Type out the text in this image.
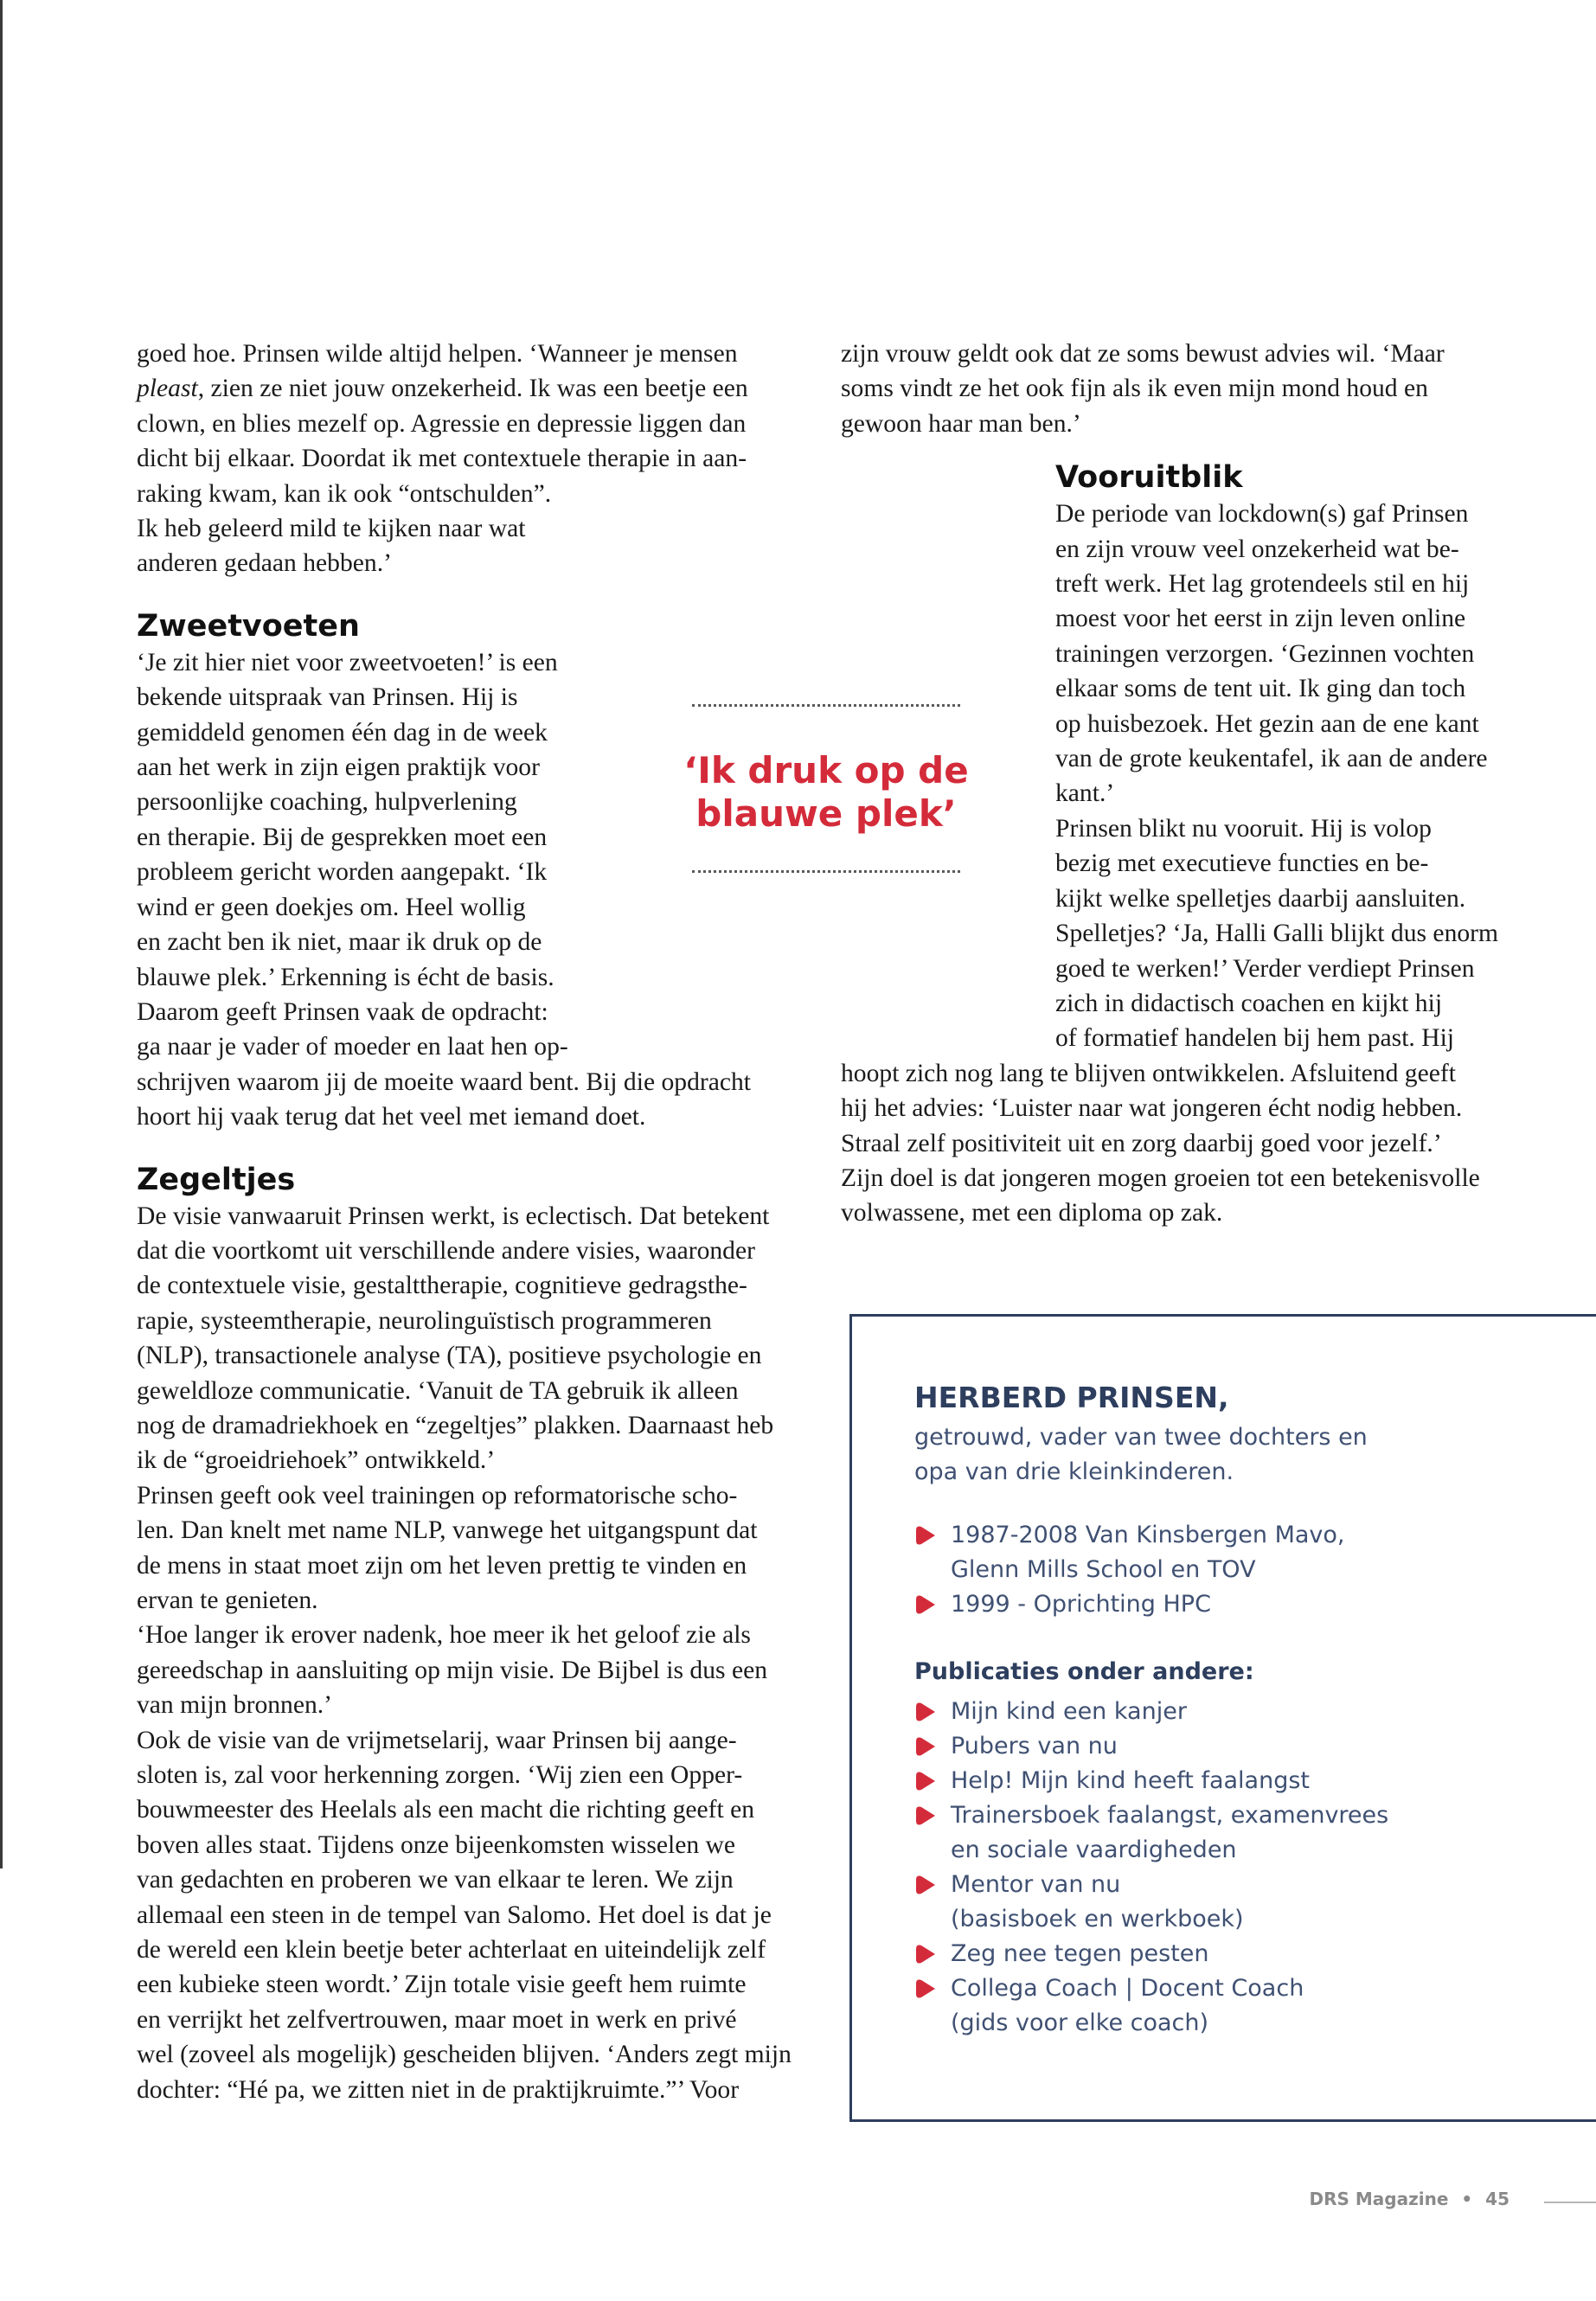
goed hoe. Prinsen wilde altijd helpen. ‘Wanneer je mensen
pleast, zien ze niet jouw onzekerheid. Ik was een beetje een
clown, en blies mezelf op. Agressie en depressie liggen dan
dicht bij elkaar. Doordat ik met contextuele therapie in aan-
raking kwam, kan ik ook “ontschulden”.
Ik heb geleerd mild te kijken naar wat
anderen gedaan hebben.’
Zweetvoeten
‘Je zit hier niet voor zweetvoeten!’ is een
bekende uitspraak van Prinsen. Hij is
gemiddeld genomen één dag in de week
aan het werk in zijn eigen praktijk voor
persoonlijke coaching, hulpverlening
en therapie. Bij de gesprekken moet een
probleem gericht worden aangepakt. ‘Ik
wind er geen doekjes om. Heel wollig
en zacht ben ik niet, maar ik druk op de
blauwe plek.’ Erkenning is écht de basis.
Daarom geeft Prinsen vaak de opdracht:
ga naar je vader of moeder en laat hen op-
schrijven waarom jij de moeite waard bent. Bij die opdracht
hoort hij vaak terug dat het veel met iemand doet.
Zegeltjes
De visie vanwaaruit Prinsen werkt, is eclectisch. Dat betekent
dat die voortkomt uit verschillende andere visies, waaronder
de contextuele visie, gestalttherapie, cognitieve gedragsthe-
rapie, systeemtherapie, neurolinguïstisch programmeren
(NLP), transactionele analyse (TA), positieve psychologie en
geweldloze communicatie. ‘Vanuit de TA gebruik ik alleen
nog de dramadriekhoek en “zegeltjes” plakken. Daarnaast heb
ik de “groeidriehoek” ontwikkeld.’
Prinsen geeft ook veel trainingen op reformatorische scho-
len. Dan knelt met name NLP, vanwege het uitgangspunt dat
de mens in staat moet zijn om het leven prettig te vinden en
ervan te genieten.
‘Hoe langer ik erover nadenk, hoe meer ik het geloof zie als
gereedschap in aansluiting op mijn visie. De Bijbel is dus een
van mijn bronnen.’
Ook de visie van de vrijmetselarij, waar Prinsen bij aange-
sloten is, zal voor herkenning zorgen. ‘Wij zien een Opper-
bouwmeester des Heelals als een macht die richting geeft en
boven alles staat. Tijdens onze bijeenkomsten wisselen we
van gedachten en proberen we van elkaar te leren. We zijn
allemaal een steen in de tempel van Salomo. Het doel is dat je
de wereld een klein beetje beter achterlaat en uiteindelijk zelf
een kubieke steen wordt.’ Zijn totale visie geeft hem ruimte
en verrijkt het zelfvertrouwen, maar moet in werk en privé
wel (zoveel als mogelijk) gescheiden blijven. ‘Anders zegt mijn
dochter: “Hé pa, we zitten niet in de praktijkruimte.”’ Voor
‘Ik druk op de
blauwe plek’
zijn vrouw geldt ook dat ze soms bewust advies wil. ‘Maar
soms vindt ze het ook fijn als ik even mijn mond houd en
gewoon haar man ben.’
Vooruitblik
De periode van lockdown(s) gaf Prinsen
en zijn vrouw veel onzekerheid wat be-
treft werk. Het lag grotendeels stil en hij
moest voor het eerst in zijn leven online
trainingen verzorgen. ‘Gezinnen vochten
elkaar soms de tent uit. Ik ging dan toch
op huisbezoek. Het gezin aan de ene kant
van de grote keukentafel, ik aan de andere
kant.’
Prinsen blikt nu vooruit. Hij is volop
bezig met executieve functies en be-
kijkt welke spelletjes daarbij aansluiten.
Spelletjes? ‘Ja, Halli Galli blijkt dus enorm
goed te werken!’ Verder verdiept Prinsen
zich in didactisch coachen en kijkt hij
of formatief handelen bij hem past. Hij
hoopt zich nog lang te blijven ontwikkelen. Afsluitend geeft
hij het advies: ‘Luister naar wat jongeren écht nodig hebben.
Straal zelf positiviteit uit en zorg daarbij goed voor jezelf.’
Zijn doel is dat jongeren mogen groeien tot een betekenisvolle
volwassene, met een diploma op zak.
HERBERD PRINSEN,
getrouwd, vader van twee dochters en
opa van drie kleinkinderen.
1987-2008 Van Kinsbergen Mavo,
Glenn Mills School en TOV
1999 - Oprichting HPC
Publicaties onder andere:
Mijn kind een kanjer
Pubers van nu
Help! Mijn kind heeft faalangst
Trainersboek faalangst, examenvrees
en sociale vaardigheden
Mentor van nu
(basisboek en werkboek)
Zeg nee tegen pesten
Collega Coach | Docent Coach
(gids voor elke coach)
DRS Magazine • 45
